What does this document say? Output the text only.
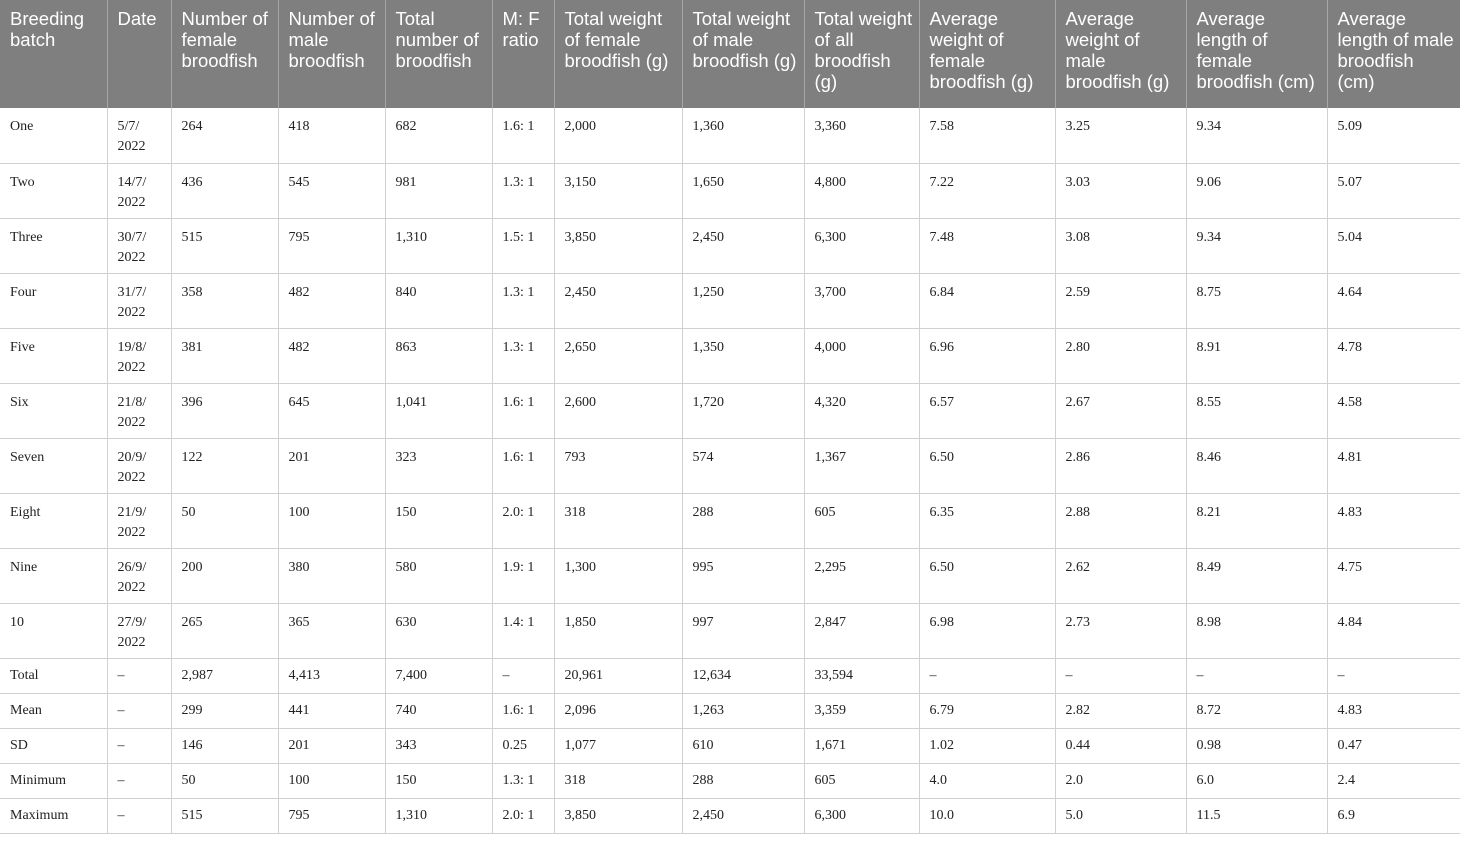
Breeding batch	Date	Number of female broodfish	Number of male broodfish	Total number of broodfish	M: F ratio	Total weight of female broodfish (g)	Total weight of male broodfish (g)	Total weight of all broodfish (g)	Average weight of female broodfish (g)	Average weight of male broodfish (g)	Average length of female broodfish (cm)	Average length of male broodfish (cm)
One	5/7/ 2022	264	418	682	1.6: 1	2,000	1,360	3,360	7.58	3.25	9.34	5.09
Two	14/7/ 2022	436	545	981	1.3: 1	3,150	1,650	4,800	7.22	3.03	9.06	5.07
Three	30/7/ 2022	515	795	1,310	1.5: 1	3,850	2,450	6,300	7.48	3.08	9.34	5.04
Four	31/7/ 2022	358	482	840	1.3: 1	2,450	1,250	3,700	6.84	2.59	8.75	4.64
Five	19/8/ 2022	381	482	863	1.3: 1	2,650	1,350	4,000	6.96	2.80	8.91	4.78
Six	21/8/ 2022	396	645	1,041	1.6: 1	2,600	1,720	4,320	6.57	2.67	8.55	4.58
Seven	20/9/ 2022	122	201	323	1.6: 1	793	574	1,367	6.50	2.86	8.46	4.81
Eight	21/9/ 2022	50	100	150	2.0: 1	318	288	605	6.35	2.88	8.21	4.83
Nine	26/9/ 2022	200	380	580	1.9: 1	1,300	995	2,295	6.50	2.62	8.49	4.75
10	27/9/ 2022	265	365	630	1.4: 1	1,850	997	2,847	6.98	2.73	8.98	4.84
Total	–	2,987	4,413	7,400	–	20,961	12,634	33,594	–	–	–	–
Mean	–	299	441	740	1.6: 1	2,096	1,263	3,359	6.79	2.82	8.72	4.83
SD	–	146	201	343	0.25	1,077	610	1,671	1.02	0.44	0.98	0.47
Minimum	–	50	100	150	1.3: 1	318	288	605	4.0	2.0	6.0	2.4
Maximum	–	515	795	1,310	2.0: 1	3,850	2,450	6,300	10.0	5.0	11.5	6.9
